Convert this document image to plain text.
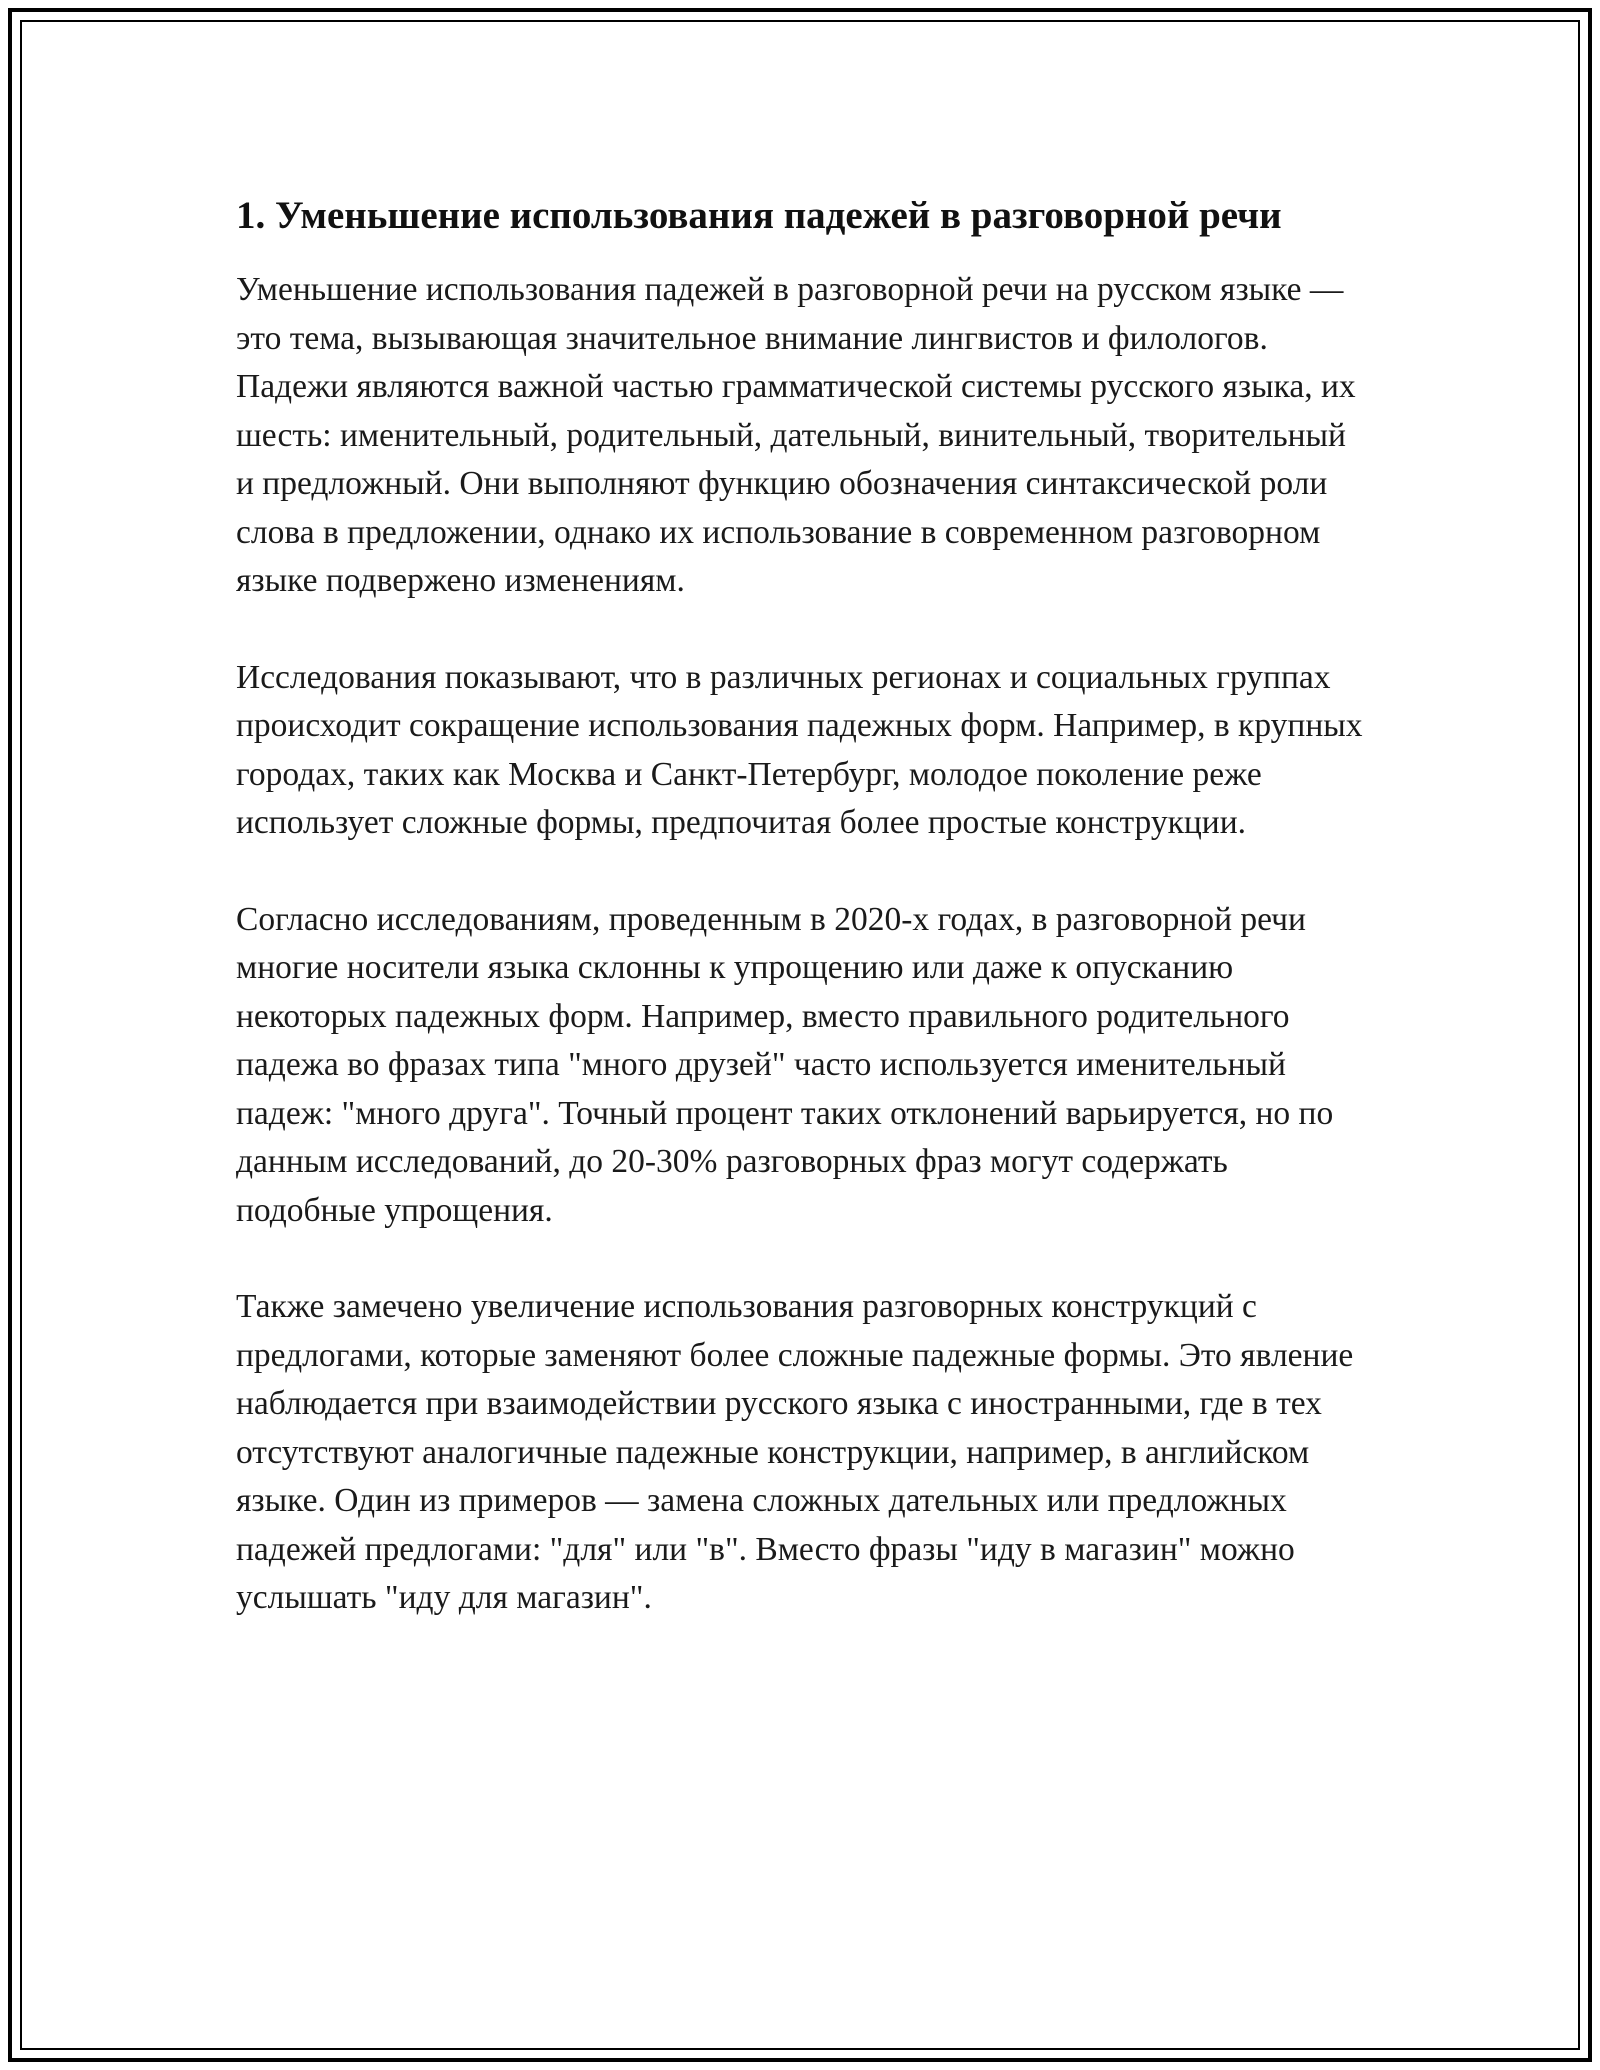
1. Уменьшение использования падежей в разговорной речи

Уменьшение использования падежей в разговорной речи на русском языке — это тема, вызывающая значительное внимание лингвистов и филологов. Падежи являются важной частью грамматической системы русского языка, их шесть: именительный, родительный, дательный, винительный, творительный и предложный. Они выполняют функцию обозначения синтаксической роли слова в предложении, однако их использование в современном разговорном языке подвержено изменениям.

Исследования показывают, что в различных регионах и социальных группах происходит сокращение использования падежных форм. Например, в крупных городах, таких как Москва и Санкт-Петербург, молодое поколение реже использует сложные формы, предпочитая более простые конструкции.

Согласно исследованиям, проведенным в 2020-х годах, в разговорной речи многие носители языка склонны к упрощению или даже к опусканию некоторых падежных форм. Например, вместо правильного родительного падежа во фразах типа "много друзей" часто используется именительный падеж: "много друга". Точный процент таких отклонений варьируется, но по данным исследований, до 20-30% разговорных фраз могут содержать подобные упрощения.

Также замечено увеличение использования разговорных конструкций с предлогами, которые заменяют более сложные падежные формы. Это явление наблюдается при взаимодействии русского языка с иностранными, где в тех отсутствуют аналогичные падежные конструкции, например, в английском языке. Один из примеров — замена сложных дательных или предложных падежей предлогами: "для" или "в". Вместо фразы "иду в магазин" можно услышать "иду для магазин".
